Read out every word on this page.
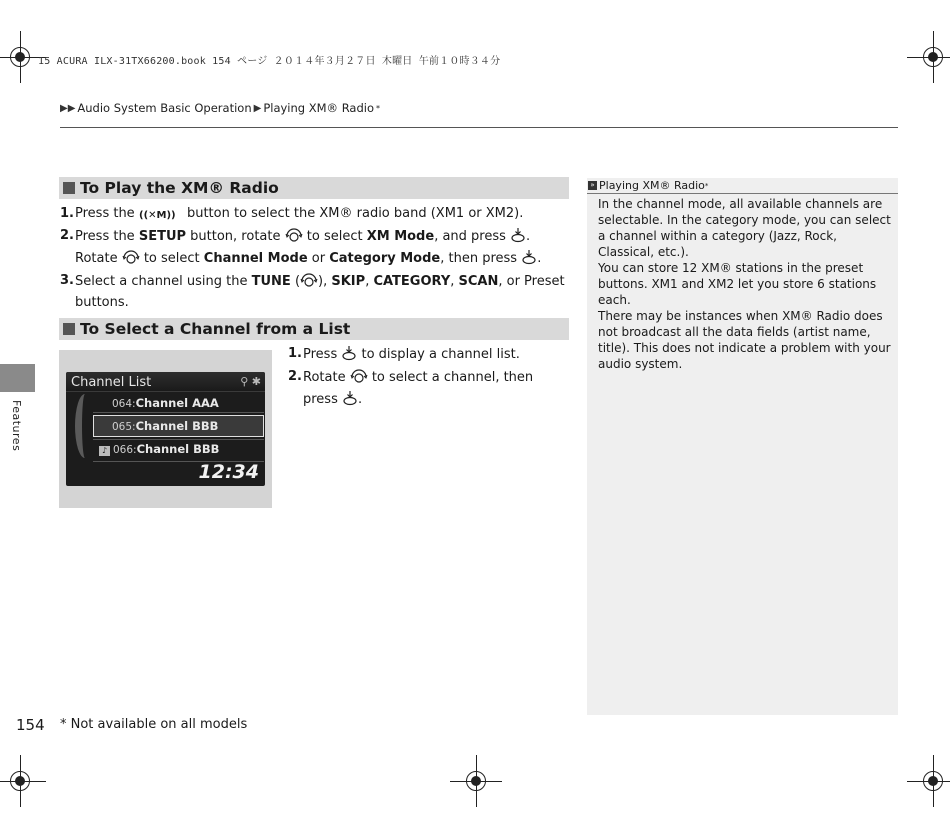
15 ACURA ILX-31TX66200.book 154 ページ ２０１４年３月２７日 木曜日 午前１０時３４分
▶▶ Audio System Basic Operation ▶ Playing XM® Radio *
To Play the XM® Radio
1. Press the ((✕M)) button to select the XM® radio band (XM1 or XM2).
2. Press the SETUP button, rotate  to select XM Mode, and press . Rotate  to select Channel Mode or Category Mode, then press .
3. Select a channel using the TUNE ( ), SKIP, CATEGORY, SCAN, or Preset buttons.
To Select a Channel from a List
Channel List	⚲ ✱
064:Channel AAA
065:Channel BBB
♪ 066:Channel BBB
12:34
1. Press  to display a channel list.
2. Rotate  to select a channel, then press .
» Playing XM® Radio *
In the channel mode, all available channels are selectable. In the category mode, you can select a channel within a category (Jazz, Rock, Classical, etc.).
You can store 12 XM® stations in the preset buttons. XM1 and XM2 let you store 6 stations each.
There may be instances when XM® Radio does not broadcast all the data fields (artist name, title). This does not indicate a problem with your audio system.
Features
154 * Not available on all models
